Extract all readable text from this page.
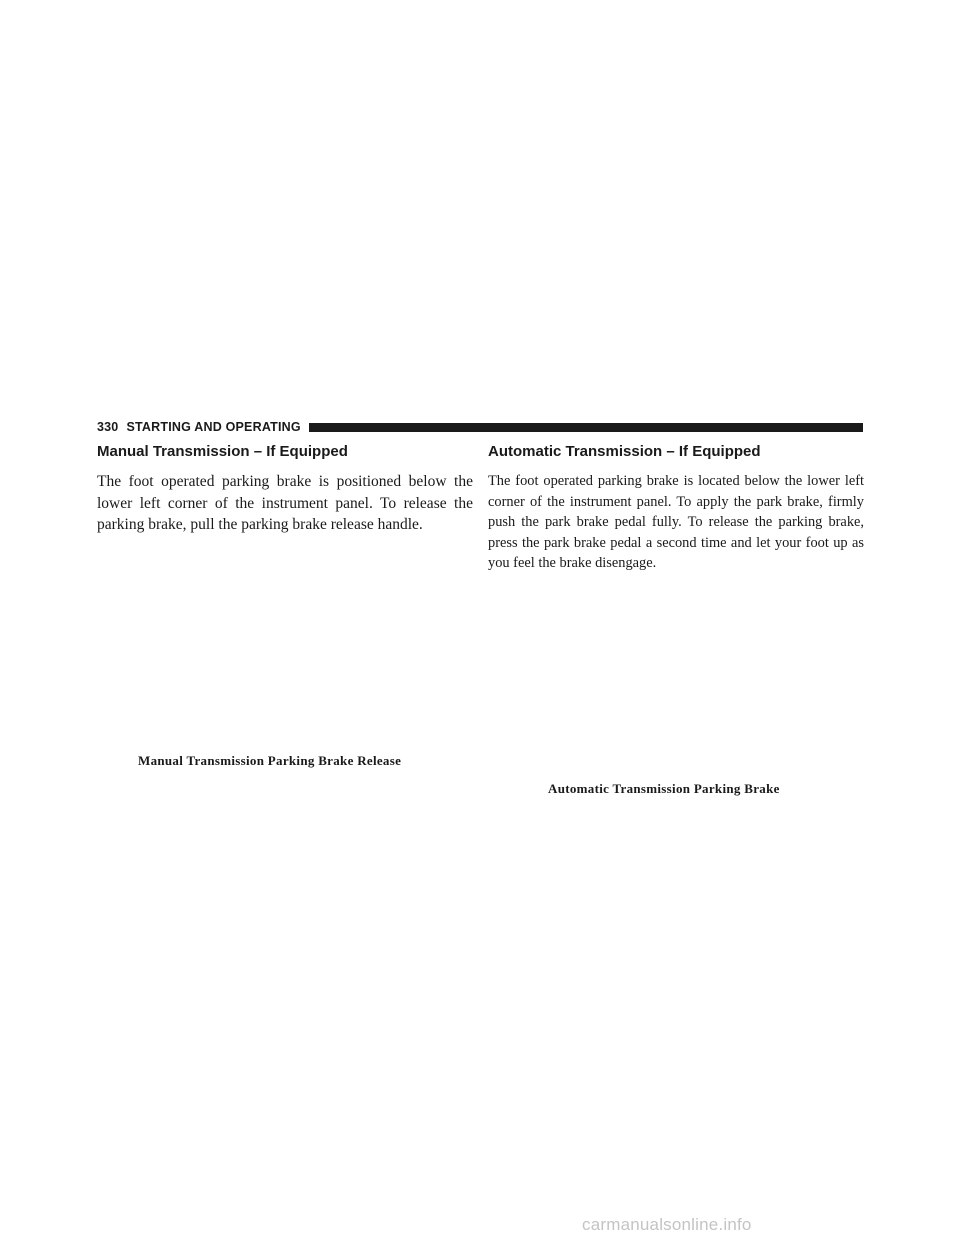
330 STARTING AND OPERATING
Manual Transmission – If Equipped

The foot operated parking brake is positioned below the lower left corner of the instrument panel. To release the parking brake, pull the parking brake release handle.

Automatic Transmission – If Equipped

The foot operated parking brake is located below the lower left corner of the instrument panel. To apply the park brake, firmly push the park brake pedal fully. To release the parking brake, press the park brake pedal a second time and let your foot up as you feel the brake disengage.

Manual Transmission Parking Brake Release
Automatic Transmission Parking Brake
carmanualsonline.info
